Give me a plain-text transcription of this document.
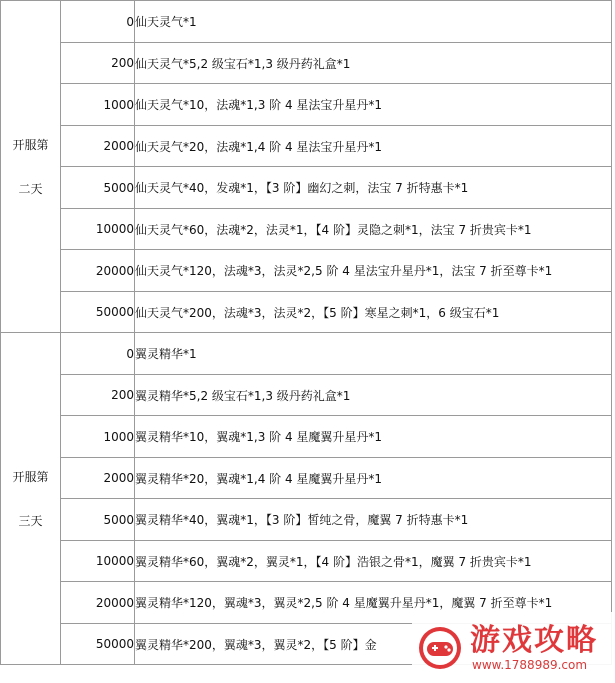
开服第
二天	0	仙天灵气*1
	200	仙天灵气*5,2 级宝石*1,3 级丹药礼盒*1
	1000	仙天灵气*10，法魂*1,3 阶 4 星法宝升星丹*1
	2000	仙天灵气*20，法魂*1,4 阶 4 星法宝升星丹*1
	5000	仙天灵气*40，发魂*1，【3 阶】幽幻之刺，法宝 7 折特惠卡*1
	10000	仙天灵气*60，法魂*2，法灵*1，【4 阶】灵隐之刺*1，法宝 7 折贵宾卡*1
	20000	仙天灵气*120，法魂*3，法灵*2,5 阶 4 星法宝升星丹*1，法宝 7 折至尊卡*1
	50000	仙天灵气*200，法魂*3，法灵*2，【5 阶】寒星之刺*1，6 级宝石*1

开服第
三天	0	翼灵精华*1
	200	翼灵精华*5,2 级宝石*1,3 级丹药礼盒*1
	1000	翼灵精华*10，翼魂*1,3 阶 4 星魔翼升星丹*1
	2000	翼灵精华*20，翼魂*1,4 阶 4 星魔翼升星丹*1
	5000	翼灵精华*40，翼魂*1，【3 阶】皙纯之骨，魔翼 7 折特惠卡*1
	10000	翼灵精华*60，翼魂*2，翼灵*1，【4 阶】浩银之骨*1，魔翼 7 折贵宾卡*1
	20000	翼灵精华*120，翼魂*3，翼灵*2,5 阶 4 星魔翼升星丹*1，魔翼 7 折至尊卡*1
	50000	翼灵精华*200，翼魂*3，翼灵*2，【5 阶】金	游戏攻略
www.1788989.com
